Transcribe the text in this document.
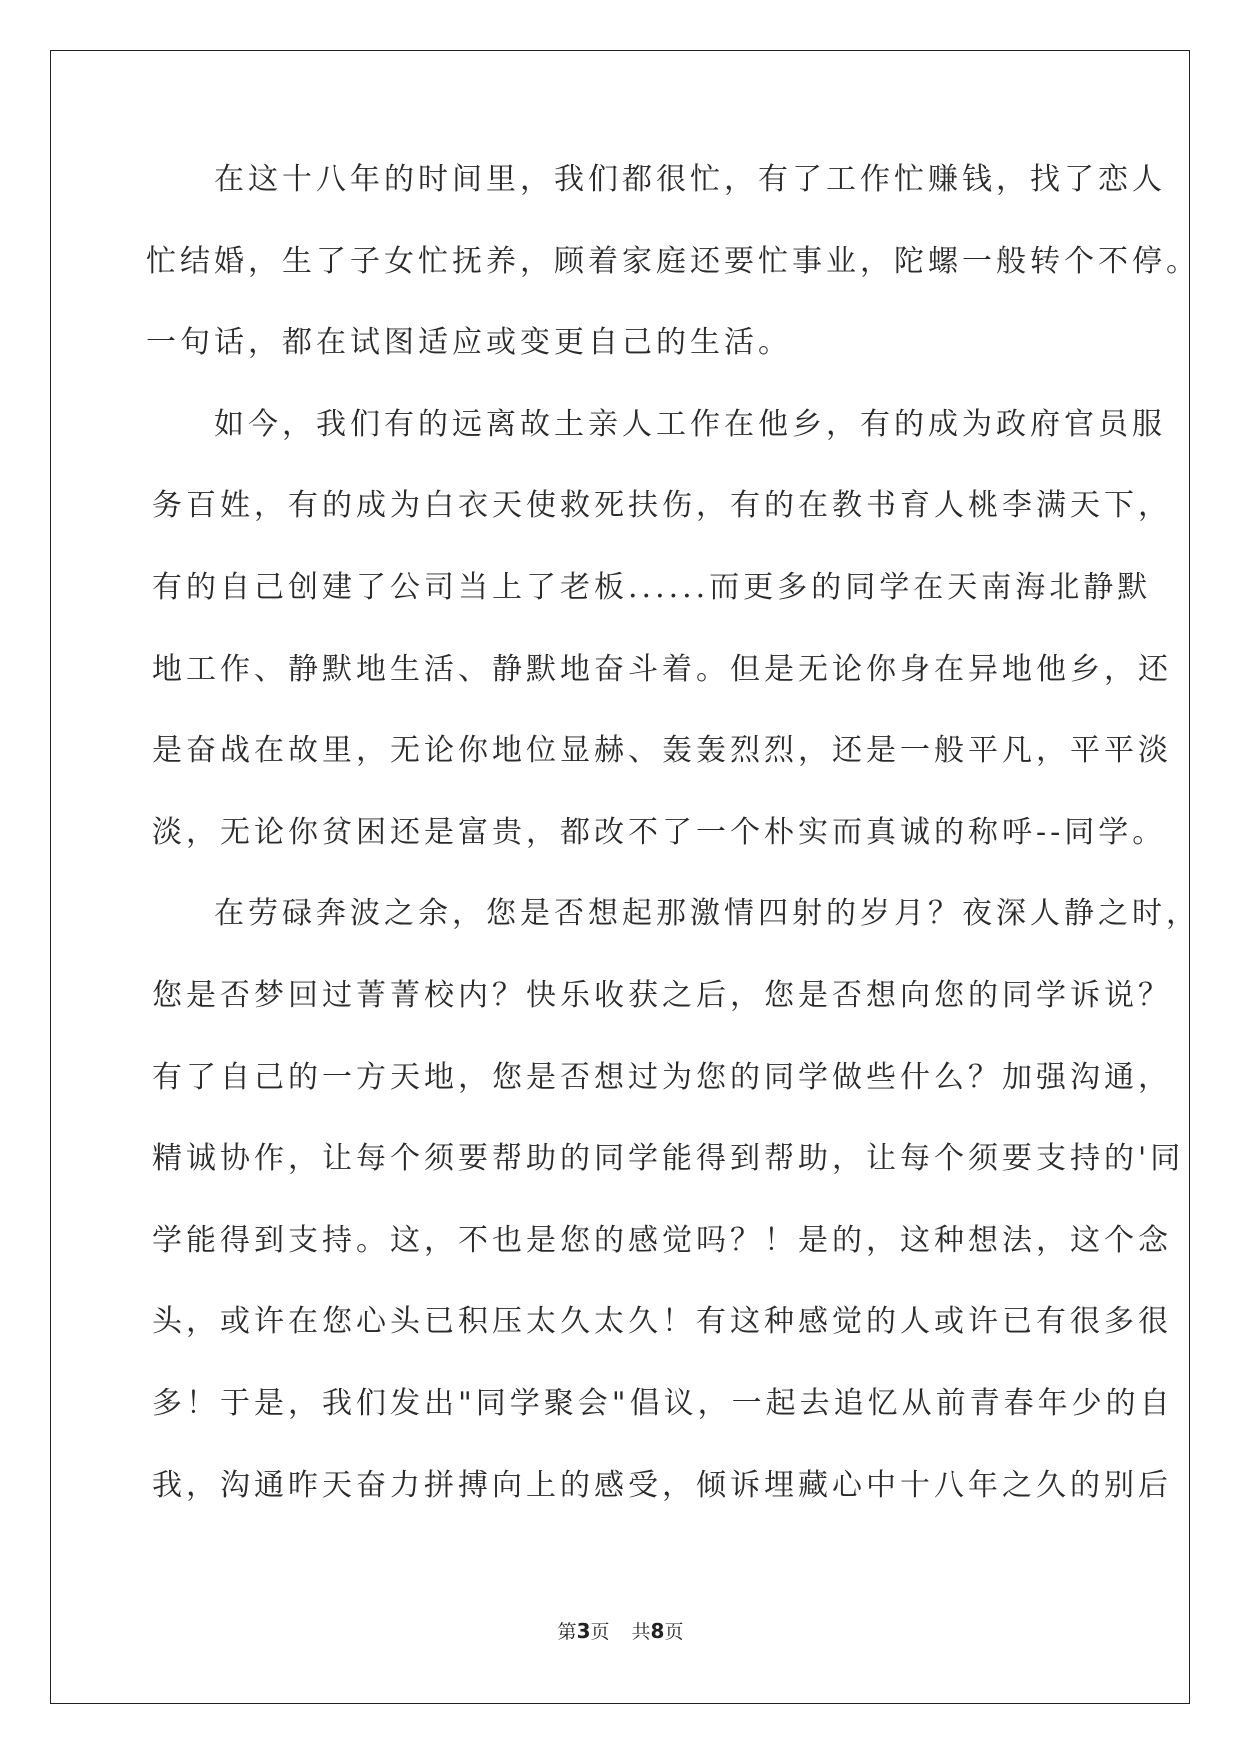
在这十八年的时间里，我们都很忙，有了工作忙赚钱，找了恋人
忙结婚，生了子女忙抚养，顾着家庭还要忙事业，陀螺一般转个不停。
一句话，都在试图适应或变更自己的生活。
如今，我们有的远离故土亲人工作在他乡，有的成为政府官员服
务百姓，有的成为白衣天使救死扶伤，有的在教书育人桃李满天下，
有的自己创建了公司当上了老板......而更多的同学在天南海北静默
地工作、静默地生活、静默地奋斗着。但是无论你身在异地他乡，还
是奋战在故里，无论你地位显赫、轰轰烈烈，还是一般平凡，平平淡
淡，无论你贫困还是富贵，都改不了一个朴实而真诚的称呼--同学。
在劳碌奔波之余，您是否想起那激情四射的岁月？夜深人静之时，
您是否梦回过菁菁校内？快乐收获之后，您是否想向您的同学诉说？
有了自己的一方天地，您是否想过为您的同学做些什么？加强沟通，
精诚协作，让每个须要帮助的同学能得到帮助，让每个须要支持的'同
学能得到支持。这，不也是您的感觉吗？！是的，这种想法，这个念
头，或许在您心头已积压太久太久！有这种感觉的人或许已有很多很
多！于是，我们发出"同学聚会"倡议，一起去追忆从前青春年少的自
我，沟通昨天奋力拼搏向上的感受，倾诉埋藏心中十八年之久的别后
第3页 共8页
